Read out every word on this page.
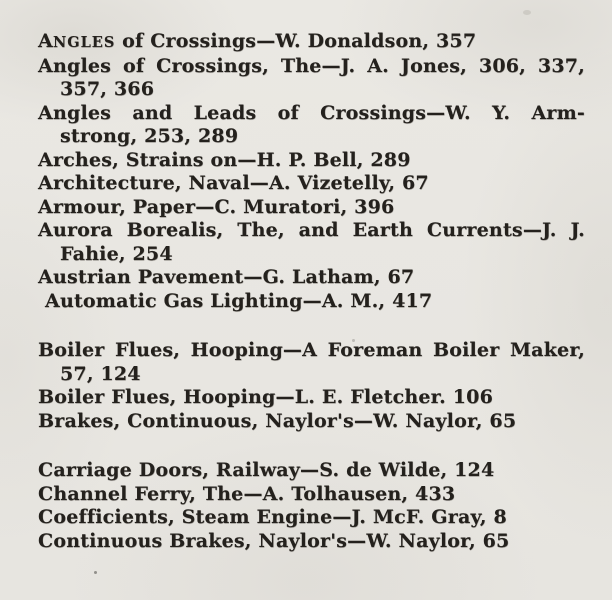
ANGLES of Crossings—W. Donaldson, 357
Angles of Crossings, The—J. A. Jones, 306, 337,
357, 366
Angles and Leads of Crossings—W. Y. Arm-
strong, 253, 289
Arches, Strains on—H. P. Bell, 289
Architecture, Naval—A. Vizetelly, 67
Armour, Paper—C. Muratori, 396
Aurora Borealis, The, and Earth Currents—J. J.
Fahie, 254
Austrian Pavement—G. Latham, 67
Automatic Gas Lighting—A. M., 417
Boiler Flues, Hooping—A Foreman Boiler Maker,
57, 124
Boiler Flues, Hooping—L. E. Fletcher. 106
Brakes, Continuous, Naylor's—W. Naylor, 65
Carriage Doors, Railway—S. de Wilde, 124
Channel Ferry, The—A. Tolhausen, 433
Coefficients, Steam Engine—J. McF. Gray, 8
Continuous Brakes, Naylor's—W. Naylor, 65
